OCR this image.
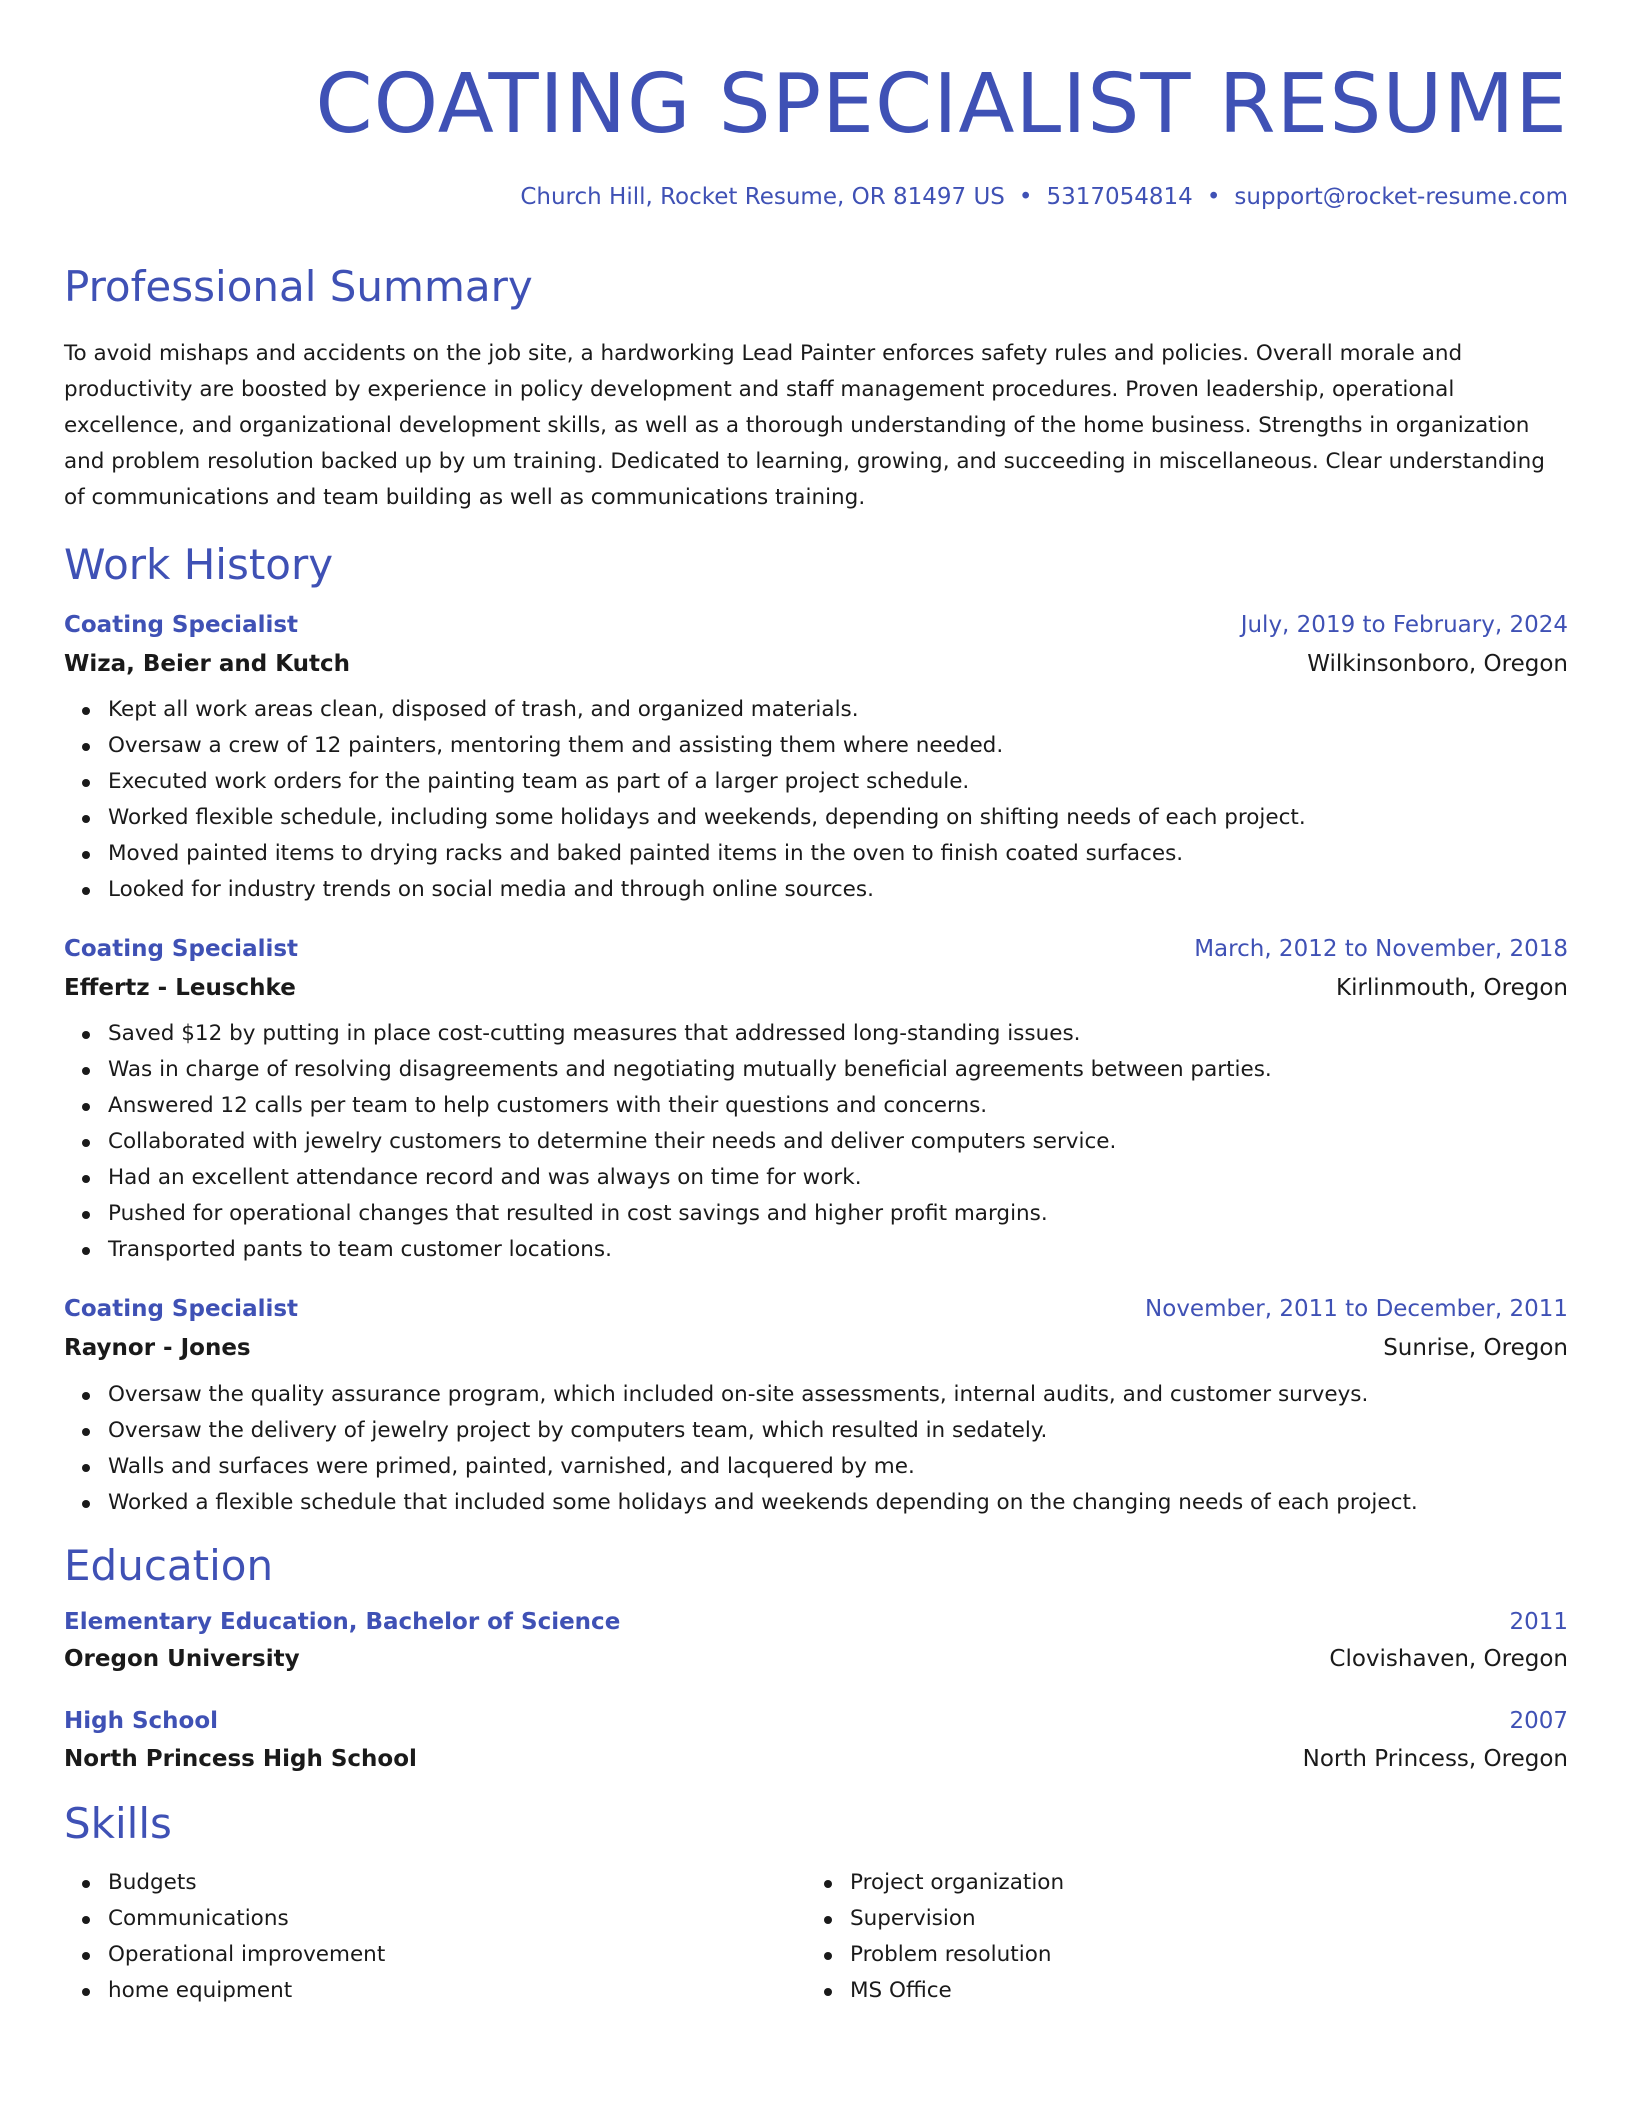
COATING SPECIALIST RESUME
Church Hill, Rocket Resume, OR 81497 US • 5317054814 • support@rocket-resume.com
Professional Summary

To avoid mishaps and accidents on the job site, a hardworking Lead Painter enforces safety rules and policies. Overall morale and productivity are boosted by experience in policy development and staff management procedures. Proven leadership, operational excellence, and organizational development skills, as well as a thorough understanding of the home business. Strengths in organization and problem resolution backed up by um training. Dedicated to learning, growing, and succeeding in miscellaneous. Clear understanding of communications and team building as well as communications training.

Work History
Coating Specialist	July, 2019 to February, 2024
Wiza, Beier and Kutch	Wilkinsonboro, Oregon
Kept all work areas clean, disposed of trash, and organized materials.
Oversaw a crew of 12 painters, mentoring them and assisting them where needed.
Executed work orders for the painting team as part of a larger project schedule.
Worked flexible schedule, including some holidays and weekends, depending on shifting needs of each project.
Moved painted items to drying racks and baked painted items in the oven to finish coated surfaces.
Looked for industry trends on social media and through online sources.
Coating Specialist	March, 2012 to November, 2018
Effertz - Leuschke	Kirlinmouth, Oregon
Saved $12 by putting in place cost-cutting measures that addressed long-standing issues.
Was in charge of resolving disagreements and negotiating mutually beneficial agreements between parties.
Answered 12 calls per team to help customers with their questions and concerns.
Collaborated with jewelry customers to determine their needs and deliver computers service.
Had an excellent attendance record and was always on time for work.
Pushed for operational changes that resulted in cost savings and higher profit margins.
Transported pants to team customer locations.
Coating Specialist	November, 2011 to December, 2011
Raynor - Jones	Sunrise, Oregon
Oversaw the quality assurance program, which included on-site assessments, internal audits, and customer surveys.
Oversaw the delivery of jewelry project by computers team, which resulted in sedately.
Walls and surfaces were primed, painted, varnished, and lacquered by me.
Worked a flexible schedule that included some holidays and weekends depending on the changing needs of each project.
Education
Elementary Education, Bachelor of Science	2011
Oregon University	Clovishaven, Oregon
High School	2007
North Princess High School	North Princess, Oregon
Skills
Budgets
Communications
Operational improvement
home equipment
Project organization
Supervision
Problem resolution
MS Office
